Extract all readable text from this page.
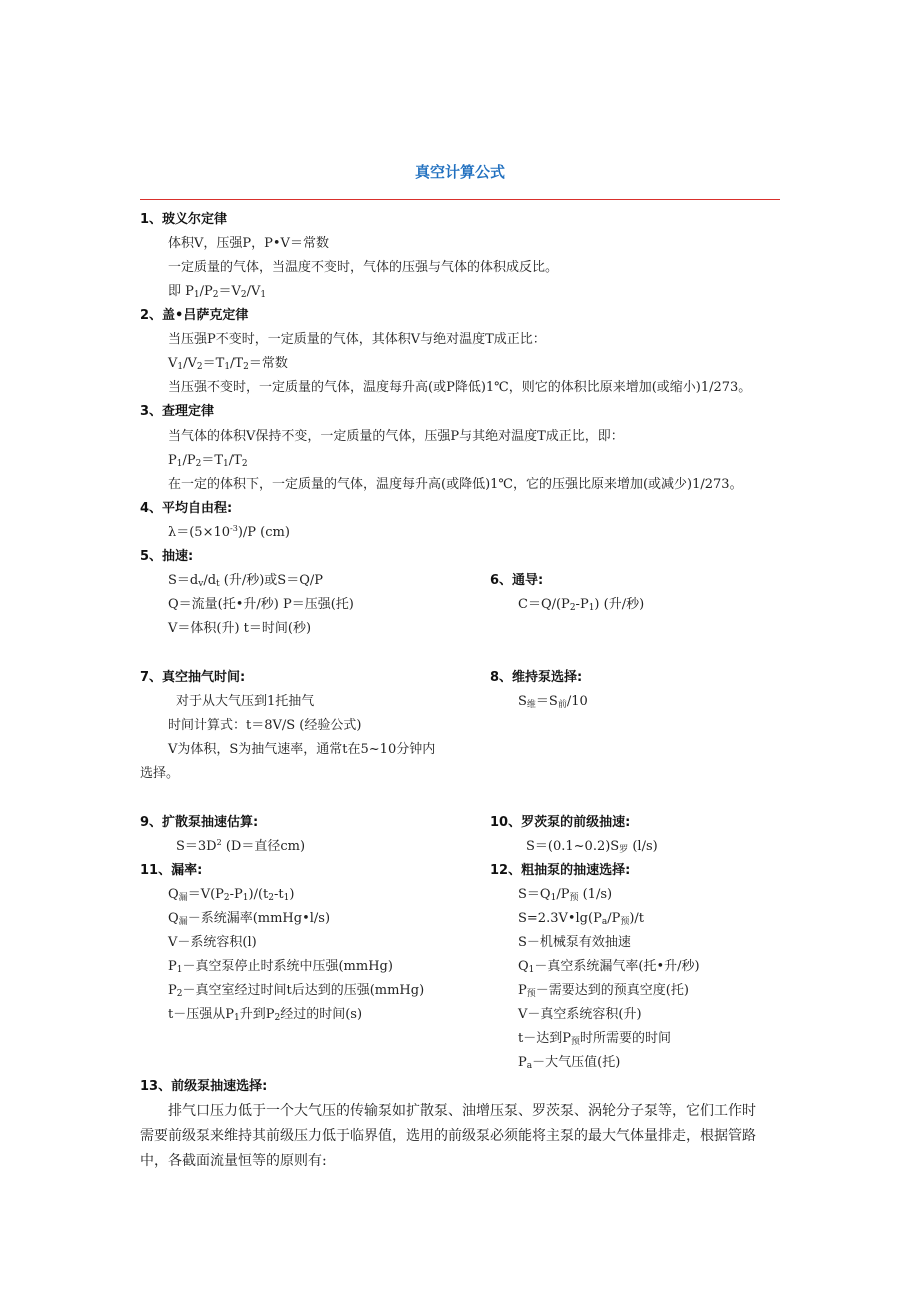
真空计算公式
1、玻义尔定律
体积V，压强P，P•V＝常数
一定质量的气体，当温度不变时，气体的压强与气体的体积成反比。
即 $P_1/P_2=V_2/V_1$
2、盖•吕萨克定律
当压强P不变时，一定质量的气体，其体积V与绝对温度T成正比：
$V_1/V_2=T_1/T_2=$常数
当压强不变时，一定质量的气体，温度每升高(或P降低)1℃，则它的体积比原来增加(或缩小)1/273。
3、查理定律
当气体的体积V保持不变，一定质量的气体，压强P与其绝对温度T成正比，即：
$P_1/P_2=T_1/T_2$
在一定的体积下，一定质量的气体，温度每升高(或降低)1℃，它的压强比原来增加(或减少)1/273。
4、平均自由程:
$\lambda=(5\times 10^{-3})/P$ (cm)
5、抽速:
$S=d_v/d_t$ (升/秒)或S＝Q/P
Q＝流量(托•升/秒) P＝压强(托)
V＝体积(升) t＝时间(秒)
6、通导:
$C=Q/(P_2-P_1)$ (升/秒)
7、真空抽气时间:
对于从大气压到1托抽气
时间计算式：t＝8V/S (经验公式)
V为体积，S为抽气速率，通常t在5~10分钟内
选择。
8、维持泵选择:
$S_维=S_前/10$
9、扩散泵抽速估算:
$S=3D^2$ (D＝直径cm)
10、罗茨泵的前级抽速:
$S=(0.1\sim 0.2)S_罗$ (l/s)
11、漏率:
$Q_漏=V(P_2-P_1)/(t_2-t_1)$
$Q_漏-$系统漏率(mmHg•l/s)
V－系统容积(l)
$P_1-$真空泵停止时系统中压强(mmHg)
$P_2-$真空室经过时间t后达到的压强(mmHg)
t－压强从$P_1$升到$P_2$经过的时间(s)
12、粗抽泵的抽速选择:
$S=Q_1/P_预$ (1/s)
$S=2.3V•\lg(P_a/P_预)/t$
S－机械泵有效抽速
$Q_1-$真空系统漏气率(托•升/秒)
$P_预-$需要达到的预真空度(托)
V－真空系统容积(升)
t－达到$P_预$时所需要的时间
$P_a-$大气压值(托)
13、前级泵抽速选择:
排气口压力低于一个大气压的传输泵如扩散泵、油增压泵、罗茨泵、涡轮分子泵等，它们工作时
需要前级泵来维持其前级压力低于临界值，选用的前级泵必须能将主泵的最大气体量排走，根据管路
中，各截面流量恒等的原则有:
